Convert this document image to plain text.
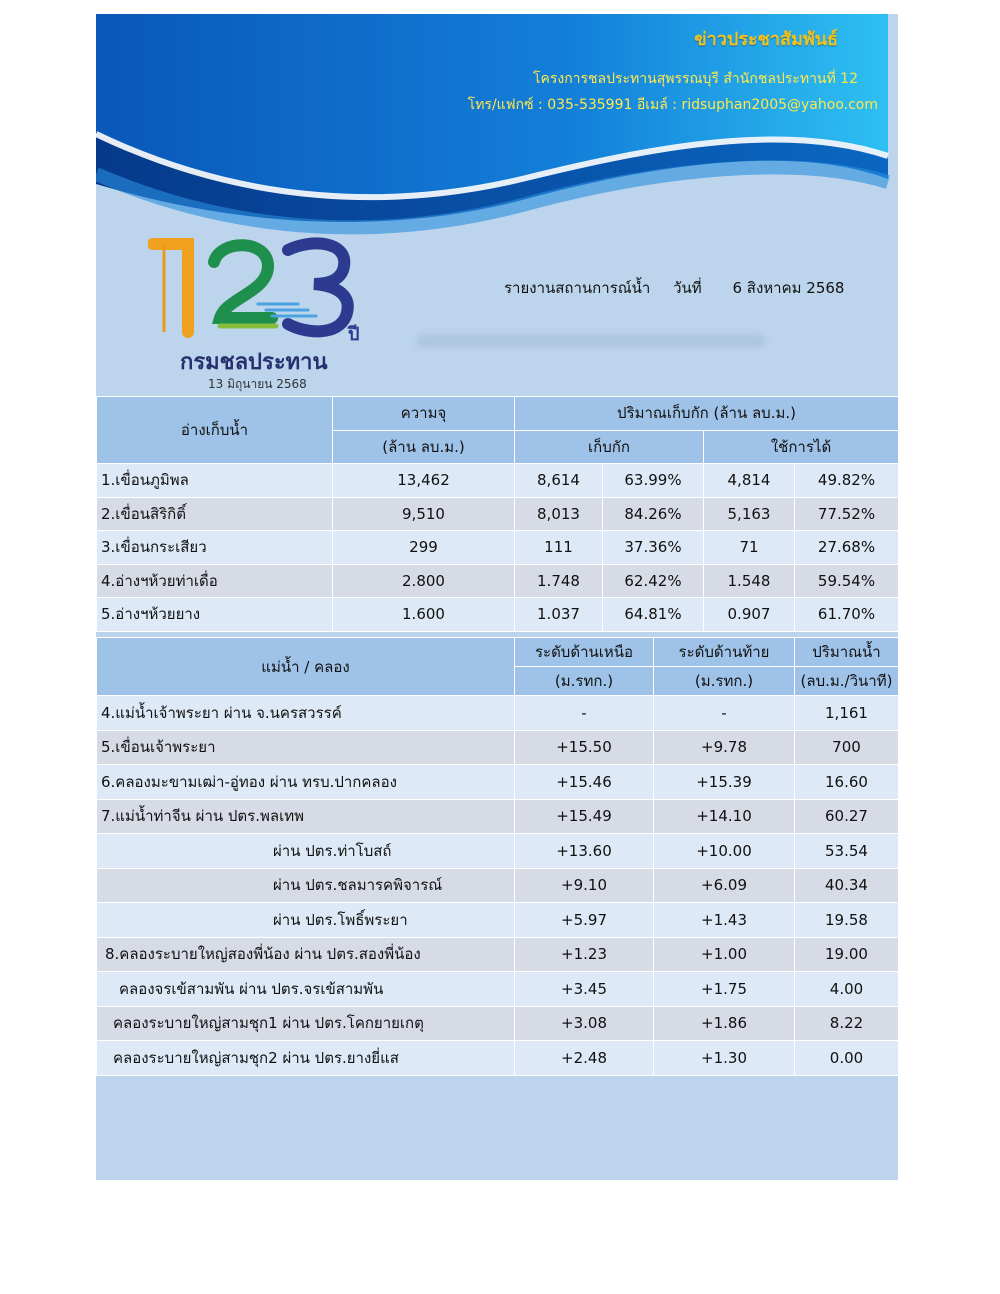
ข่าวประชาสัมพันธ์
โครงการชลประทานสุพรรณบุรี สำนักชลประทานที่ 12
โทร/แฟกซ์ : 035-535991 อีเมล์ : ridsuphan2005@yahoo.com
ปี
กรมชลประทาน
13 มิถุนายน 2568
รายงานสถานการณ์น้ำ วันที่ 6 สิงหาคม 2568
อ่างเก็บน้ำ	ความจุ	ปริมาณเก็บกัก (ล้าน ลบ.ม.)			
	(ล้าน ลบ.ม.)	เก็บกัก		ใช้การได้	
1.เขื่อนภูมิพล	13,462	8,614	63.99%	4,814	49.82%
2.เขื่อนสิริกิติ์	9,510	8,013	84.26%	5,163	77.52%
3.เขื่อนกระเสียว	299	111	37.36%	71	27.68%
4.อ่างฯห้วยท่าเดื่อ	2.800	1.748	62.42%	1.548	59.54%
5.อ่างฯห้วยยาง	1.600	1.037	64.81%	0.907	61.70%
แม่น้ำ / คลอง	ระดับด้านเหนือ	ระดับด้านท้าย	ปริมาณน้ำ
	(ม.รทก.)	(ม.รทก.)	(ลบ.ม./วินาที)
4.แม่น้ำเจ้าพระยา ผ่าน จ.นครสวรรค์	-	-	1,161
5.เขื่อนเจ้าพระยา	+15.50	+9.78	700
6.คลองมะขามเฒ่า-อู่ทอง ผ่าน ทรบ.ปากคลอง	+15.46	+15.39	16.60
7.แม่น้ำท่าจีน ผ่าน ปตร.พลเทพ	+15.49	+14.10	60.27
ผ่าน ปตร.ท่าโบสถ์	+13.60	+10.00	53.54
ผ่าน ปตร.ชลมารคพิจารณ์	+9.10	+6.09	40.34
ผ่าน ปตร.โพธิ์พระยา	+5.97	+1.43	19.58
8.คลองระบายใหญ่สองพี่น้อง ผ่าน ปตร.สองพี่น้อง	+1.23	+1.00	19.00
คลองจรเข้สามพัน ผ่าน ปตร.จรเข้สามพัน	+3.45	+1.75	4.00
คลองระบายใหญ่สามชุก1 ผ่าน ปตร.โคกยายเกตุ	+3.08	+1.86	8.22
คลองระบายใหญ่สามชุก2 ผ่าน ปตร.ยางยี่แส	+2.48	+1.30	0.00
